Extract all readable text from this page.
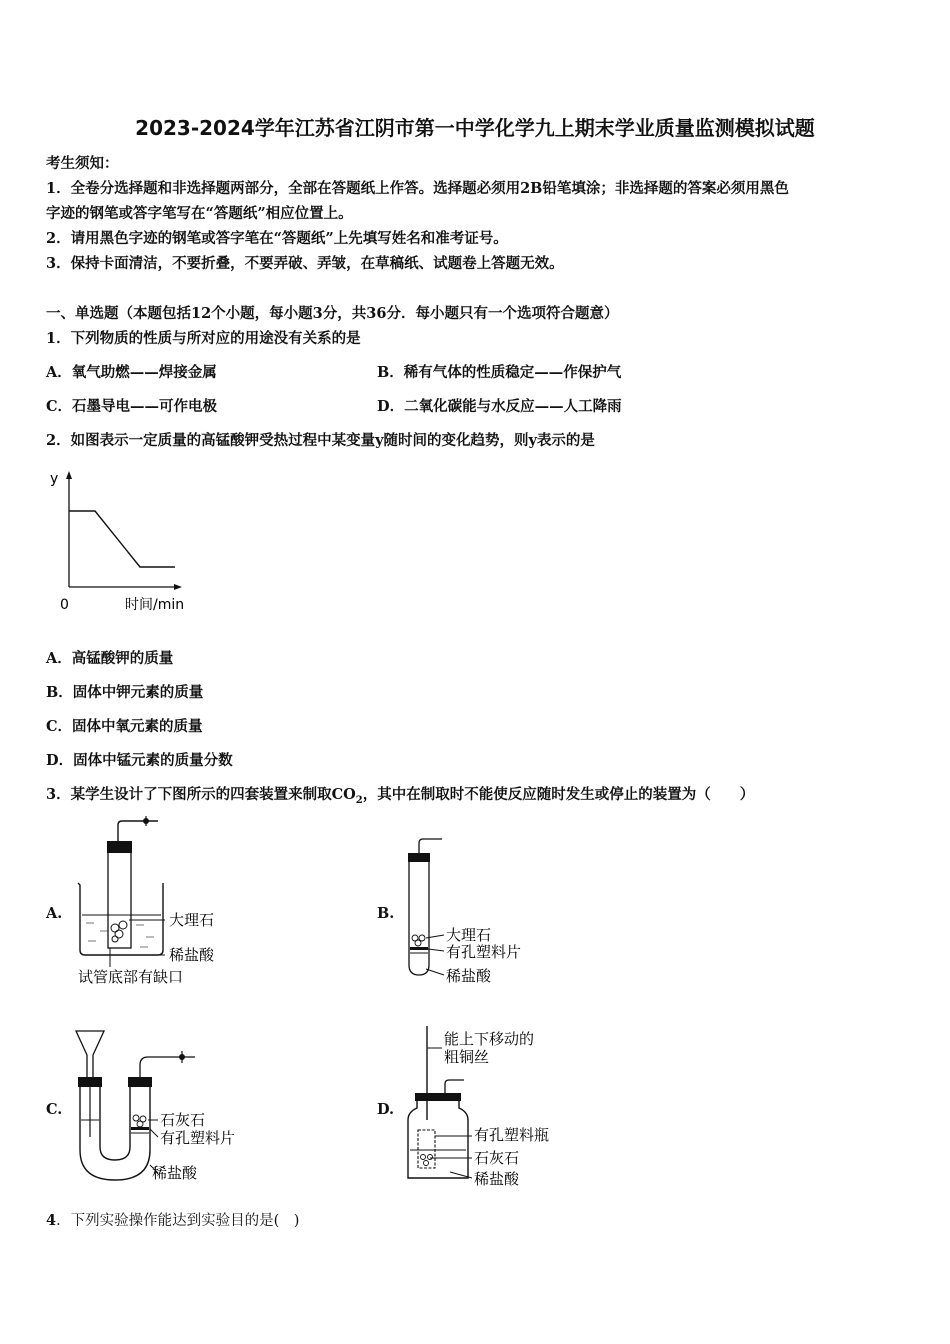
2023-2024学年江苏省江阴市第一中学化学九上期末学业质量监测模拟试题
考生须知：
1．全卷分选择题和非选择题两部分，全部在答题纸上作答。选择题必须用2B铅笔填涂；非选择题的答案必须用黑色
字迹的钢笔或答字笔写在“答题纸”相应位置上。
2．请用黑色字迹的钢笔或答字笔在“答题纸”上先填写姓名和准考证号。
3．保持卡面清洁，不要折叠，不要弄破、弄皱，在草稿纸、试题卷上答题无效。
一、单选题（本题包括12个小题，每小题3分，共36分．每小题只有一个选项符合题意）
1．下列物质的性质与所对应的用途没有关系的是
A．氧气助燃——焊接金属	B．稀有气体的性质稳定——作保护气
C．石墨导电——可作电极	D．二氧化碳能与水反应——人工降雨
2．如图表示一定质量的高锰酸钾受热过程中某变量y随时间的变化趋势，则y表示的是
y
0	时间/min
A．高锰酸钾的质量
B．固体中钾元素的质量
C．固体中氧元素的质量
D．固体中锰元素的质量分数
3．某学生设计了下图所示的四套装置来制取$CO_2$，其中在制取时不能使反应随时发生或停止的装置为（　　）
A.	大理石
稀盐酸
试管底部有缺口
B.
大理石
有孔塑料片
稀盐酸
C.
石灰石
有孔塑料片
稀盐酸
D.
能上下移动的
粗铜丝
有孔塑料瓶
石灰石
稀盐酸
4．下列实验操作能达到实验目的是(　)
